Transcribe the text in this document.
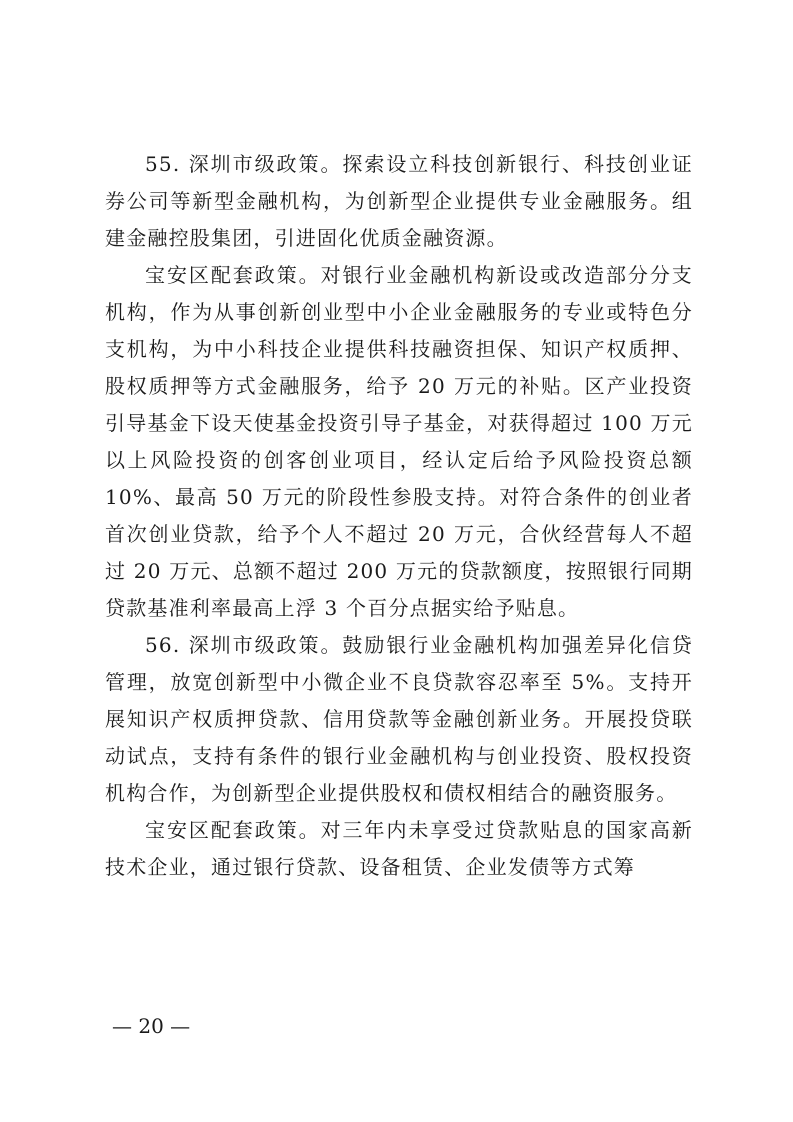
55. 深圳市级政策。探索设立科技创新银行、科技创业证券公司等新型金融机构，为创新型企业提供专业金融服务。组建金融控股集团，引进固化优质金融资源。

宝安区配套政策。对银行业金融机构新设或改造部分分支机构，作为从事创新创业型中小企业金融服务的专业或特色分支机构，为中小科技企业提供科技融资担保、知识产权质押、股权质押等方式金融服务，给予 20 万元的补贴。区产业投资引导基金下设天使基金投资引导子基金，对获得超过 100 万元以上风险投资的创客创业项目，经认定后给予风险投资总额 10%、最高 50 万元的阶段性参股支持。对符合条件的创业者首次创业贷款，给予个人不超过 20 万元，合伙经营每人不超过 20 万元、总额不超过 200 万元的贷款额度，按照银行同期贷款基准利率最高上浮 3 个百分点据实给予贴息。

56. 深圳市级政策。鼓励银行业金融机构加强差异化信贷管理，放宽创新型中小微企业不良贷款容忍率至 5%。支持开展知识产权质押贷款、信用贷款等金融创新业务。开展投贷联动试点，支持有条件的银行业金融机构与创业投资、股权投资机构合作，为创新型企业提供股权和债权相结合的融资服务。

宝安区配套政策。对三年内未享受过贷款贴息的国家高新技术企业，通过银行贷款、设备租赁、企业发债等方式筹

— 20 —
